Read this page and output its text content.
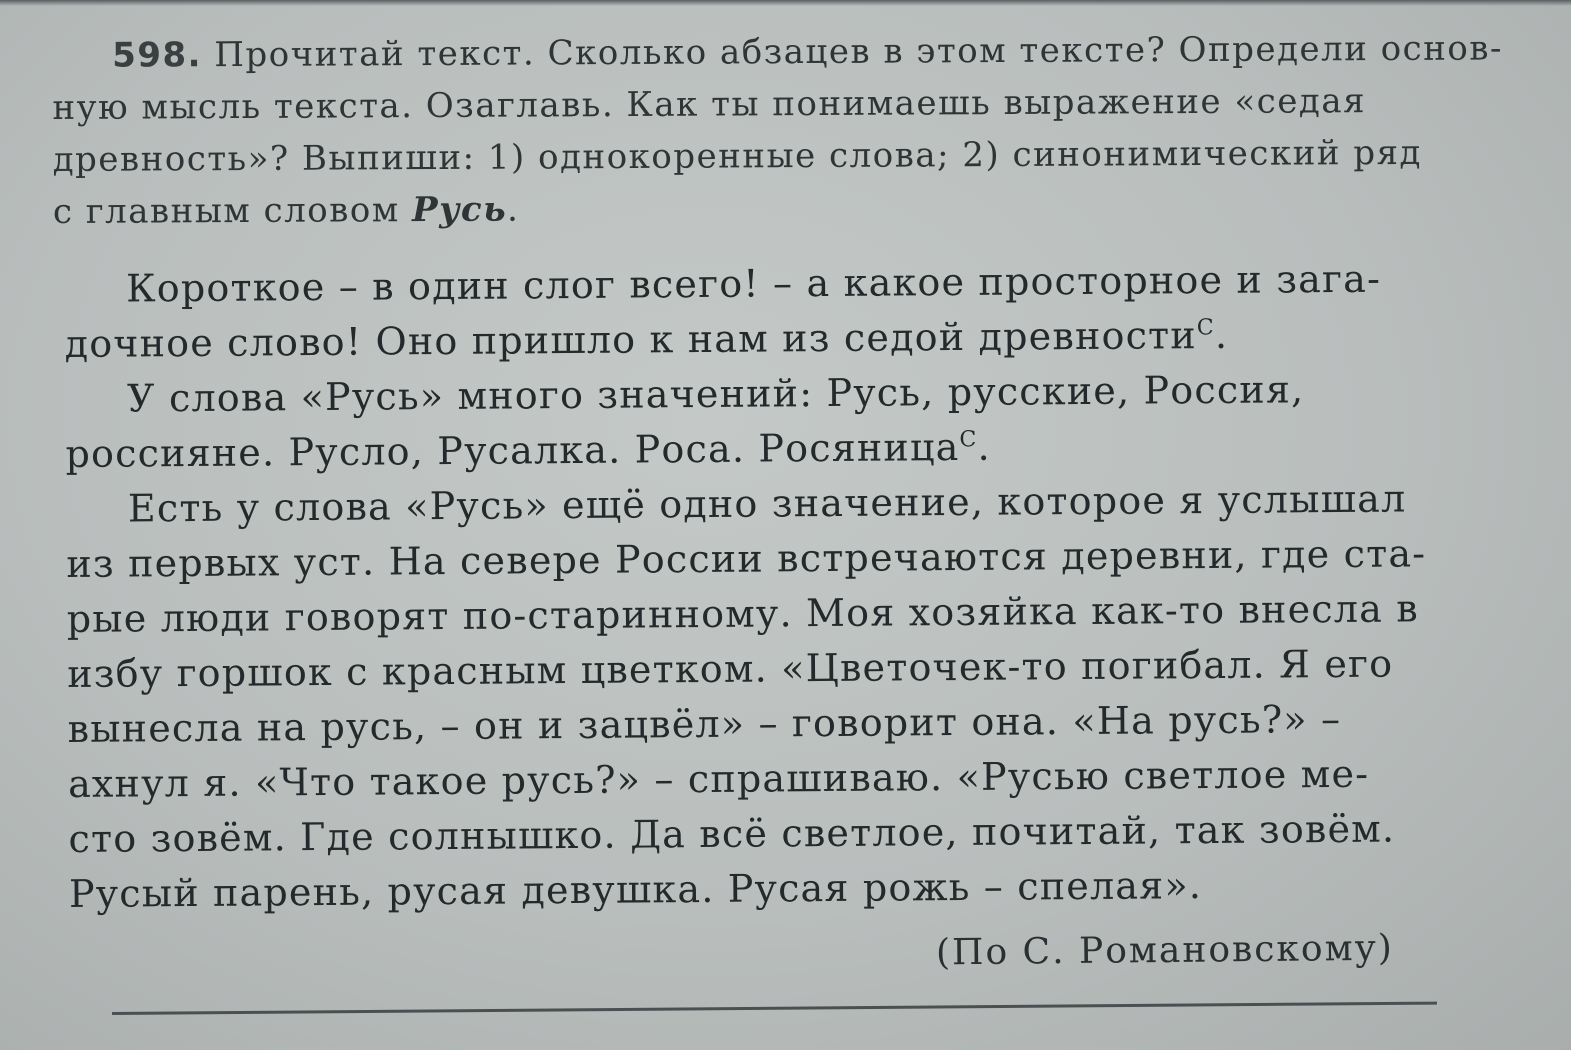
598. Прочитай текст. Сколько абзацев в этом тексте? Определи основ-
ную мысль текста. Озаглавь. Как ты понимаешь выражение «седая
древность»? Выпиши: 1) однокоренные слова; 2) синонимический ряд
с главным словом Русь.
Короткое – в один слог всего! – а какое просторное и зага-
дочное слово! Оно пришло к нам из седой древности$^С$.
У слова «Русь» много значений: Русь, русские, Россия,
россияне. Русло, Русалка. Роса. Росяница$^С$.
Есть у слова «Русь» ещё одно значение, которое я услышал
из первых уст. На севере России встречаются деревни, где ста-
рые люди говорят по-старинному. Моя хозяйка как-то внесла в
избу горшок с красным цветком. «Цветочек-то погибал. Я его
вынесла на русь, – он и зацвёл» – говорит она. «На русь?» –
ахнул я. «Что такое русь?» – спрашиваю. «Русью светлое ме-
сто зовём. Где солнышко. Да всё светлое, почитай, так зовём.
Русый парень, русая девушка. Русая рожь – спелая».
(По С. Романовскому)
